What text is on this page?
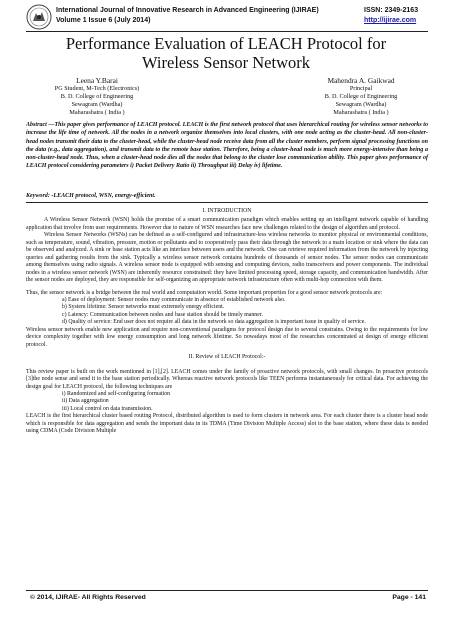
International Journal of Innovative Research in Advanced Engineering (IJIRAE)
Volume 1 Issue 6 (July 2014)
ISSN: 2349-2163
http://ijirae.com
Performance Evaluation of LEACH Protocol for Wireless Sensor Network
Leena Y.Barai
PG Student, M-Tech (Electronics)
B. D. College of Engineering
Sewagram (Wardha)
Maharashatra ( India )
Mahendra A. Gaikwad
Principal
B. D. College of Engineering
Sewagram (Wardha)
Maharashatra ( India )
Abstract —This paper gives performance of LEACH protocol. LEACH is the first network protocol that uses hierarchical routing for wireless sensor networks to increase the life time of network. All the nodes in a network organize themselves into local clusters, with one node acting as the cluster-head. All non-cluster-head nodes transmit their data to the cluster-head, while the cluster-head node receive data from all the cluster members, perform signal processing functions on the data (e.g., data aggregation), and transmit data to the remote base station. Therefore, being a cluster-head node is much more energy-intensive than being a non-cluster-head node. Thus, when a cluster-head node dies all the nodes that belong to the cluster lose communication ability. This paper gives performance of LEACH protocol considering parameters i) Packet Delivery Ratio ii) Throughput iii) Delay iv) lifetime.
Keyword: -LEACH protocol, WSN, energy-efficient.
I. INTRODUCTION

A Wireless Sensor Network (WSN) holds the promise of a smart communication paradigm which enables setting up an intelligent network capable of handling application that involve from user requirements. However due to nature of WSN researches face new challenges related to the design of algorithm and protocol.

Wireless Sensor Networks (WSNs) can be defined as a self-configured and infrastructure-less wireless networks to monitor physical or environmental conditions, such as temperature, sound, vibration, pressure, motion or pollutants and to cooperatively pass their data through the network to a main location or sink where the data can be observed and analyzed. A sink or base station acts like an interface between users and the network. One can retrieve required information from the network by injecting queries and gathering results from the sink. Typically a wireless sensor network contains hundreds of thousands of sensor nodes. The sensor nodes can communicate among themselves using radio signals. A wireless sensor node is equipped with sensing and computing devices, radio transceivers and power components. The individual nodes in a wireless sensor network (WSN) are inherently resource constrained: they have limited processing speed, storage capacity, and communication bandwidth. After the sensor nodes are deployed, they are responsible for self-organizing an appropriate network infrastructure often with multi-hop connection with them.

Thus, the sensor network is a bridge between the real world and computation world. Some important properties for a good sensor network protocols are:

a) Ease of deployment: Sensor nodes may communicate in absence of established network also.
b) System lifetime: Sensor networks must extremely energy efficient.
c) Latency: Communication between nodes and base station should be timely manner.
d) Quality of service: End user does not require all data in the network so data aggregation is important issue in quality of service.

Wireless sensor network enable new application and require non-conventional paradigms for protocol design due to several constrains. Owing to the requirements for low device complexity together with low energy consumption and long network lifetime. So nowadays most of the researches concentrated at design of energy efficient protocol.

II. Review of LEACH Protocol:-

This review paper is built on the work mentioned in [1],[2]. LEACH comes under the family of proactive network protocols, with small changes. In proactive protocols [3]the node sense and send it to the base station periodically. Whereas reactive network protocols like TEEN performs instantaneously for critical data. For achieving the design goal for LEACH protocol, the following techniques are

i) Randomized and self-configuring formation
ii) Data aggregation
iii) Local control on data transmission.

LEACH is the first hierarchical cluster based routing Protocol, distributed algorithm is used to form clusters in network area. For each cluster there is a cluster head node which is responsible for data aggregation and sends the important data in its TDMA (Time Division Multiple Access) slot to the base station, where these data is needed using CDMA (Code Division Multiple

© 2014, IJIRAE- All Rights Reserved	Page - 141
